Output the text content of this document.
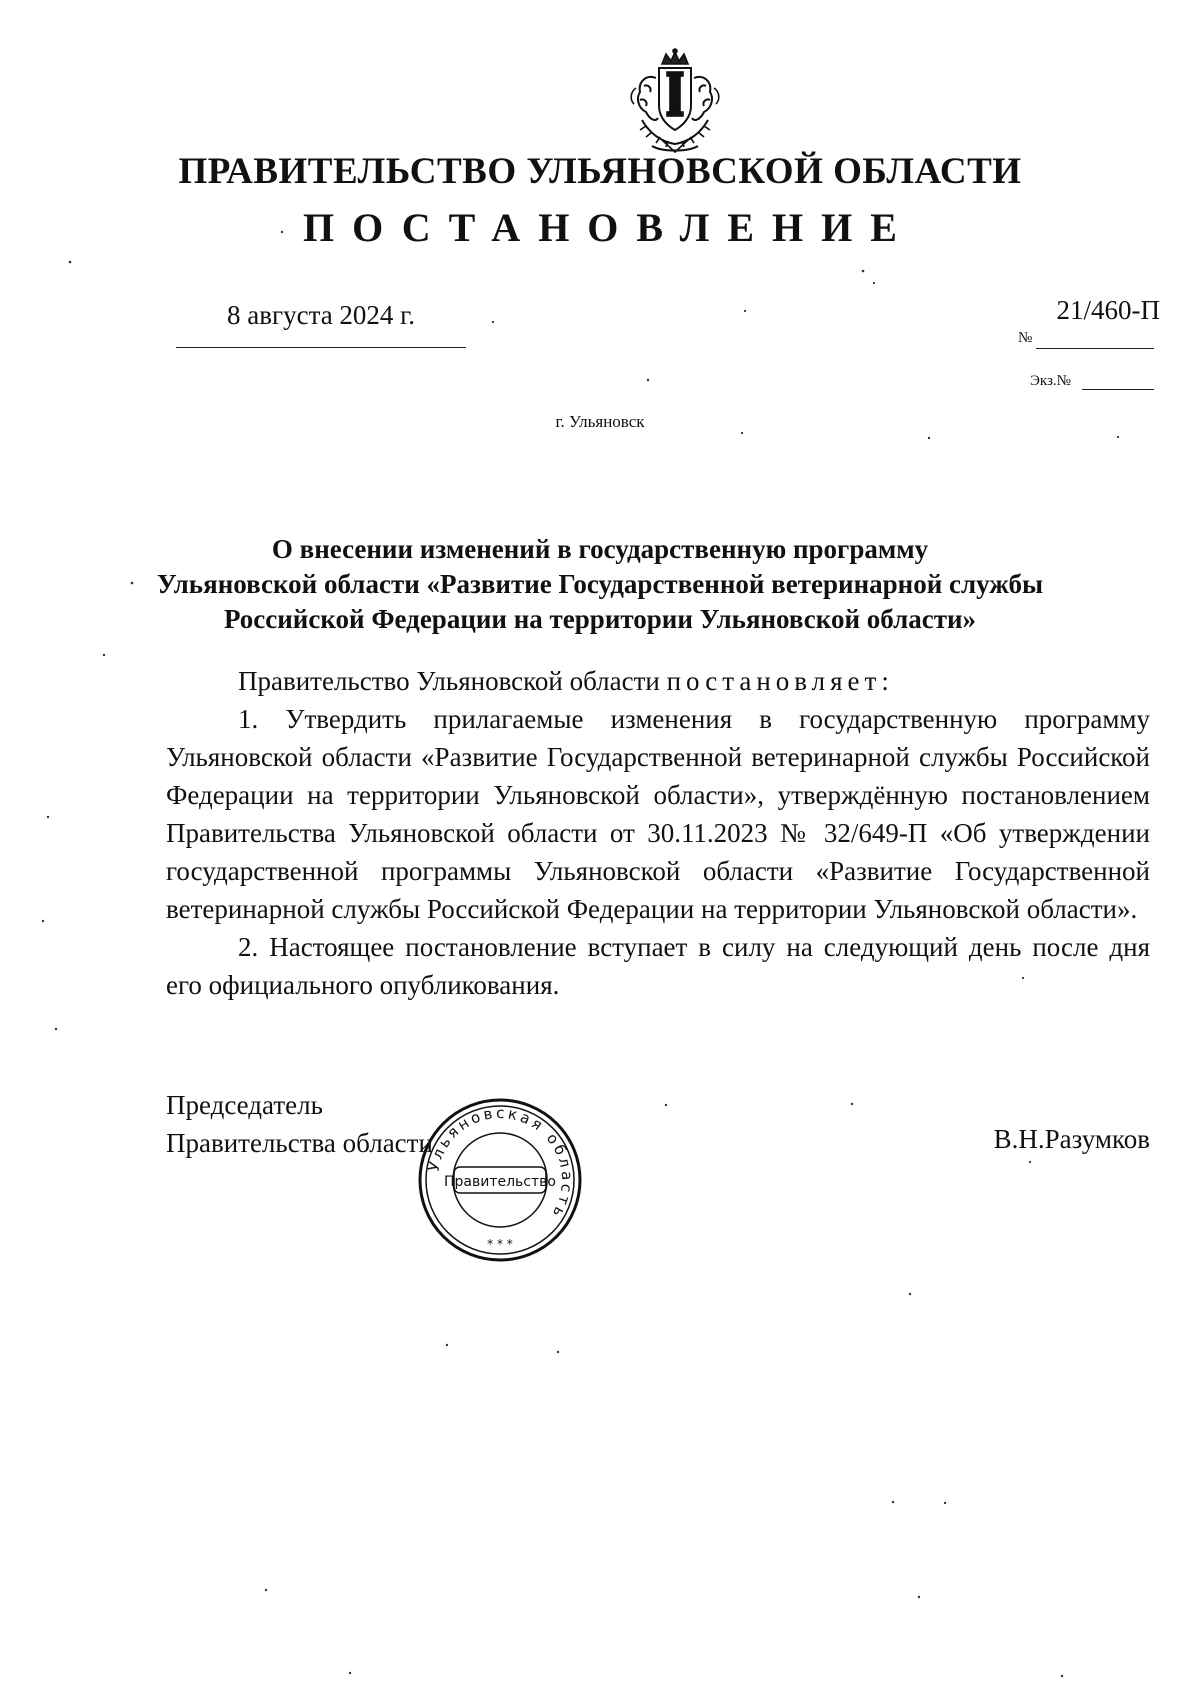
ПРАВИТЕЛЬСТВО УЛЬЯНОВСКОЙ ОБЛАСТИ
ПОСТАНОВЛЕНИЕ
8 августа 2024 г.	21/460-П
№
Экз.№
г. Ульяновск
О внесении изменений в государственную программу
Ульяновской области «Развитие Государственной ветеринарной службы
Российской Федерации на территории Ульяновской области»
Правительство Ульяновской области постановляет:
1. Утвердить прилагаемые изменения в государственную программу Ульяновской области «Развитие Государственной ветеринарной службы Российской Федерации на территории Ульяновской области», утверждённую постановлением Правительства Ульяновской области от 30.11.2023 № 32/649-П «Об утверждении государственной программы Ульяновской области «Развитие Государственной ветеринарной службы Российской Федерации на территории Ульяновской области».
2. Настоящее постановление вступает в силу на следующий день после дня его официального опубликования.
Председатель
Правительства области	В.Н.Разумков
Ульяновская область
Правительство
* * *
